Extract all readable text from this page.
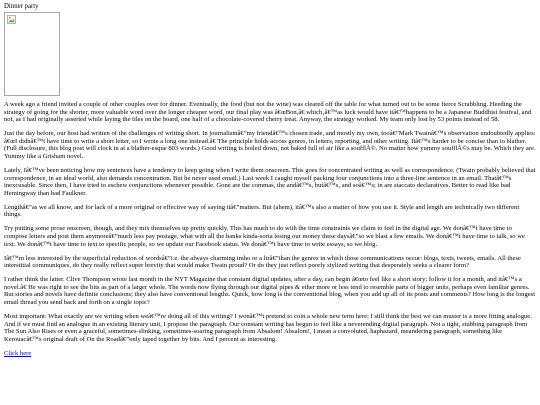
Dinner party

A week ago a friend invited a couple of other couples over for dinner. Eventually, the food (but not the wine) was cleared off the table for what turned out to be some fierce Scrabbling. Heeding the strategy of going for the shorter, more valuable word over the longer cheaper word, our final play was â€œBon,â€ which‚â€™as luck would have itâ€™happens to be a Japanese Buddhist festival, and not, as I had originally asserted while laying the tiles on the board, one half of a chocolate-covered cherry treat. Anyway, the strategy worked. My team only lost by 53 points instead of 58.

Just the day before, our host had written of the challenges of writing short. In journalismâ€”my friendâ€™s chosen trade, and mostly my own, tooâ€”Mark Twainâ€™s observation undoubtedly applies: â€œI didnâ€™t have time to write a short letter, so I wrote a long one instead.â€ The principle holds across genres, in letters, reporting, and other writing. Itâ€™s harder to be concise than to blather. (Full disclosure, this blog post will clock in at a blather-esque 803 words.) Good writing is boiled down, not baked full of air like a soufflÃ©. No matter how yummy soufflÃ©s may be. Which they are. Yummy like a Grisham novel.

Lately, Iâ€™ve been noticing how my sentences have a tendency to keep going when I write them onscreen. This goes for concentrated writing as well as correspondence. (Twain probably believed that correspondence, in an ideal world, also demands concentration. But he never used email.) Last week I caught myself packing four conjunctions into a three-line sentence in an email. Thatâ€™s inexcusable. Since then, I have tried to eschew conjunctions whenever possible. Gone are the commas, the andâ€™s, butâ€™s, and soâ€™s; in are staccato declaratives. Better to read like bad Hemingway than bad Faulkner.

Lengthâ€”as we all know, and for lack of a more original or effective way of saying itâ€”matters. But (ahem), itâ€™s also a matter of how you use it. Style and length are technically two different things.

Try putting some prose onscreen, though, and they mix themselves up pretty quickly. This has much to do with the time constraints we claim to feel in the digital age. We donâ€™t have time to compose letters and post them anymoreâ€”much less pay postage, what with all the banks kinda-sorta losing our money these daysâ€”so we blast a few emails. We donâ€™t have time to talk, so we text. We donâ€™t have time to text to specific people, so we update our Facebook status. We donâ€™t have time to write essays, so we blog.

Iâ€™m less interested by the superficial reduction of wordsâ€”i.e. the always charming imho or a ltrâ€”than the genres in which those communications occur: blogs, texts, tweets, emails. All these interstitial communiques, do they really reflect super brevity that would make Twain proud? Or do they just reflect poorly stylized writing that desperately seeks a clearer form?

I rather think the latter. Clive Thompson wrote last month in the NYT Magazine that constant digital updates, after a day, can begin â€œto feel like a short story; follow it for a month, and itâ€™s a novel.â€ He was right to see the bits as part of a larger whole. The words now flying through our digital pipes & ether more or less tend to resemble parts of bigger units, perhaps even familiar genres. But stories and novels have definite conclusions; they also have conventional lengths. Quick, how long is the conventional blog, when you add up all of its posts and comments? How long is the longest email thread you send back and forth on a single topic?

Most important: What exactly are we writing when weâ€™re doing all of this writing? I wonâ€™t pretend to coin a whole new term here; I still think the best we can muster is a more fitting analogue. And if we must find an analogue in an existing literary unit, I propose the paragraph. Our constant writing has begun to feel like a neverending digital paragraph. Not a tight, stubbing paragraph from The Sun Also Rises or even a graceful, sometimes-slinking, sometimes-soaring paragraph from Absalom! Absalom!, I mean a convoluted, haphazard, meandering paragraph, something like Kerouacâ€™s original draft of On the Roadâ€”only taped together by bits. And I percent as interesting.

Click here
